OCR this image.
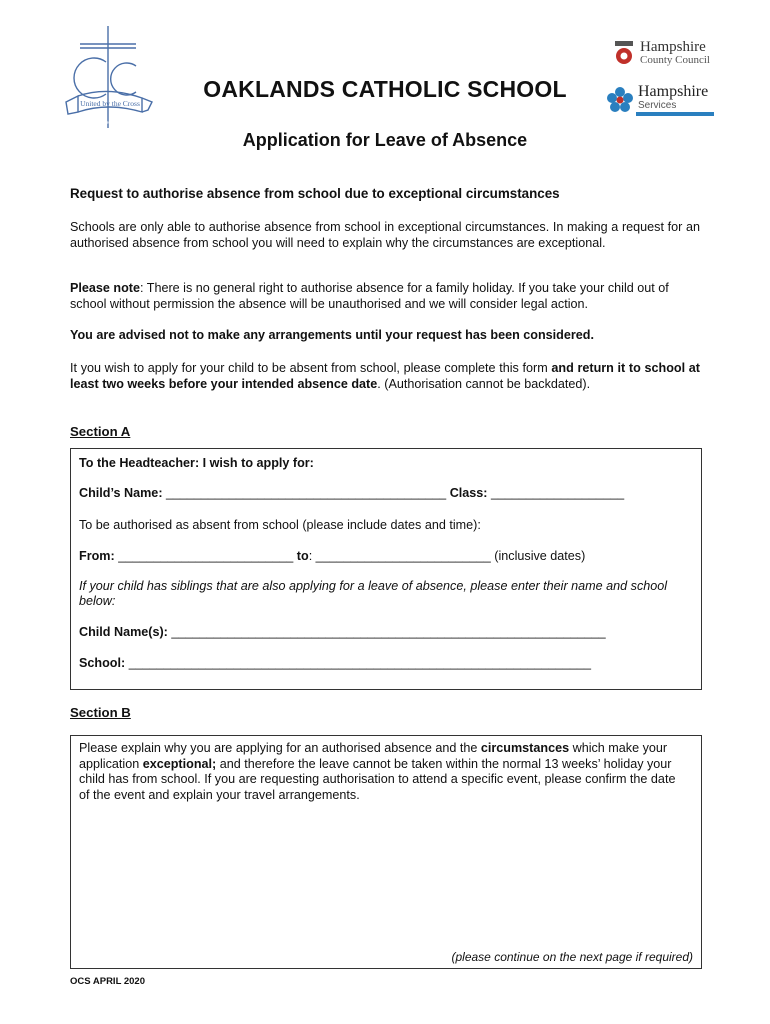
United by the Cross
OC
OAKLANDS CATHOLIC SCHOOL
Hampshire
County Council
Hampshire
Services
Application for Leave of Absence
Request to authorise absence from school due to exceptional circumstances
Schools are only able to authorise absence from school in exceptional circumstances. In making a request for an authorised absence from school you will need to explain why the circumstances are exceptional.
Please note: There is no general right to authorise absence for a family holiday. If you take your child out of school without permission the absence will be unauthorised and we will consider legal action.
You are advised not to make any arrangements until your request has been considered.
It you wish to apply for your child to be absent from school, please complete this form and return it to school at least two weeks before your intended absence date. (Authorisation cannot be backdated).
Section A
To the Headteacher: I wish to apply for:
Child’s Name: ________________________________________ Class: ___________________
To be authorised as absent from school (please include dates and time):
From: _________________________ to: _________________________ (inclusive dates)
If your child has siblings that are also applying for a leave of absence, please enter their name and school below:
Child Name(s): ______________________________________________________________
School: __________________________________________________________________
Section B
Please explain why you are applying for an authorised absence and the circumstances which make your application exceptional; and therefore the leave cannot be taken within the normal 13 weeks’ holiday your child has from school. If you are requesting authorisation to attend a specific event, please confirm the date of the event and explain your travel arrangements.
(please continue on the next page if required)
OCS APRIL 2020
